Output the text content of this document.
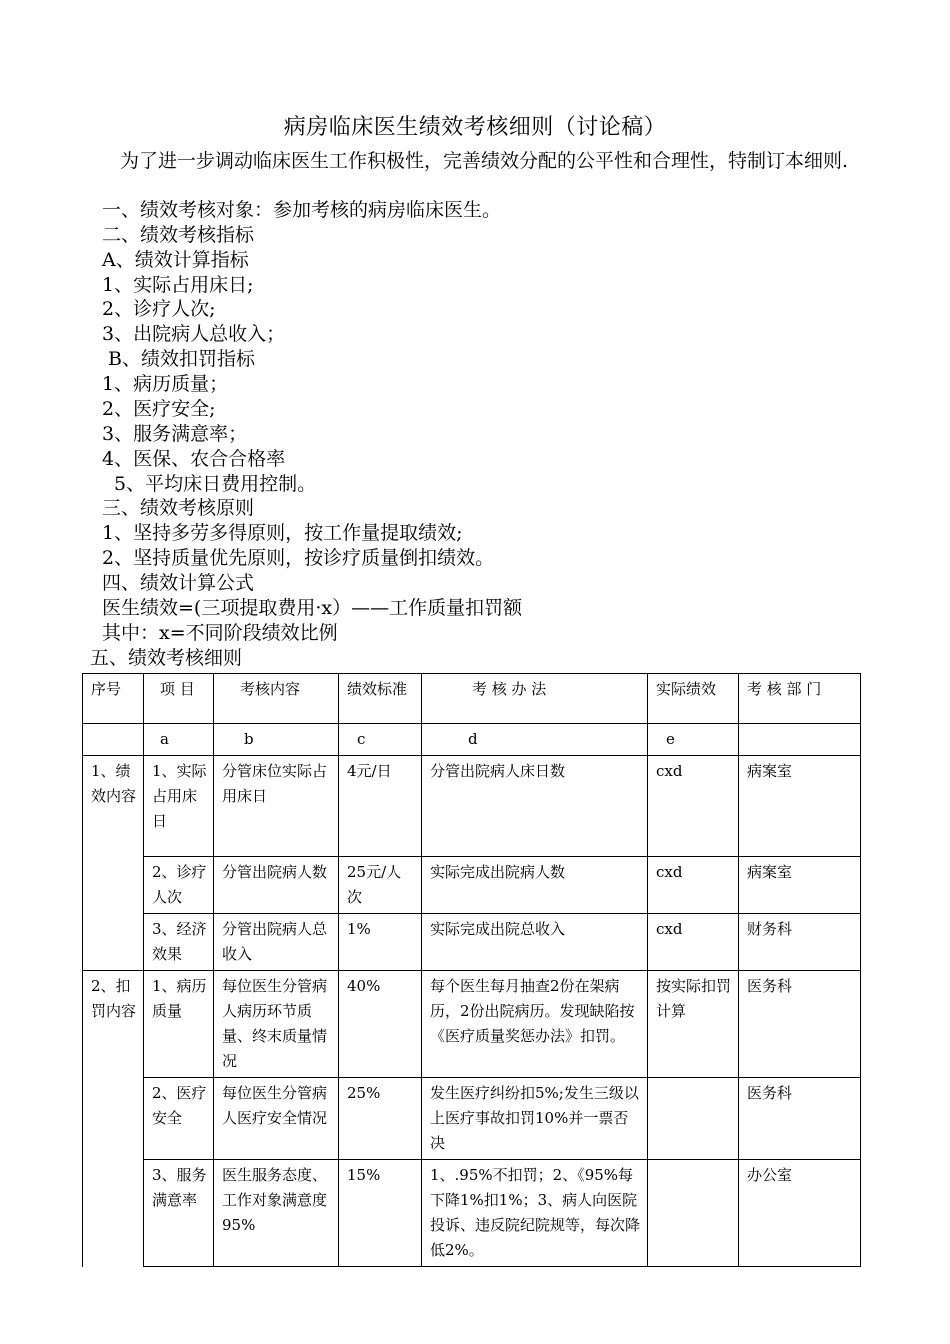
病房临床医生绩效考核细则（讨论稿）
为了进一步调动临床医生工作积极性，完善绩效分配的公平性和合理性，特制订本细则.
一、绩效考核对象：参加考核的病房临床医生。
二、绩效考核指标
A、绩效计算指标
1、实际占用床日;
2、诊疗人次;
3、出院病人总收入；
B、绩效扣罚指标
1、病历质量；
2、医疗安全;
3、服务满意率；
4、医保、农合合格率
5、平均床日费用控制。
三、绩效考核原则
1、坚持多劳多得原则，按工作量提取绩效;
2、坚持质量优先原则，按诊疗质量倒扣绩效。
四、绩效计算公式
医生绩效=(三项提取费用·x）——工作质量扣罚额
其中：x=不同阶段绩效比例
五、绩效考核细则
序号	项 目	考核内容	绩效标准	考 核 办 法	实际绩效	考 核 部 门
	a	b	c	d	e	
1、绩效内容	1、实际占用床日	分管床位实际占用床日	4元/日	分管出院病人床日数	cxd	病案室
	2、诊疗人次	分管出院病人数	25元/人次	实际完成出院病人数	cxd	病案室
	3、经济效果	分管出院病人总收入	1%	实际完成出院总收入	cxd	财务科
2、扣罚内容	1、病历质量	每位医生分管病人病历环节质量、终末质量情况	40%	每个医生每月抽查2份在架病历，2份出院病历。发现缺陷按《医疗质量奖惩办法》扣罚。	按实际扣罚计算	医务科
	2、医疗安全	每位医生分管病人医疗安全情况	25%	发生医疗纠纷扣5%;发生三级以上医疗事故扣罚10%并一票否决		医务科
	3、服务满意率	医生服务态度、工作对象满意度95%	15%	1、.95%不扣罚；2、《95%每下降1%扣1%；3、病人向医院投诉、违反院纪院规等，每次降低2%。		办公室
